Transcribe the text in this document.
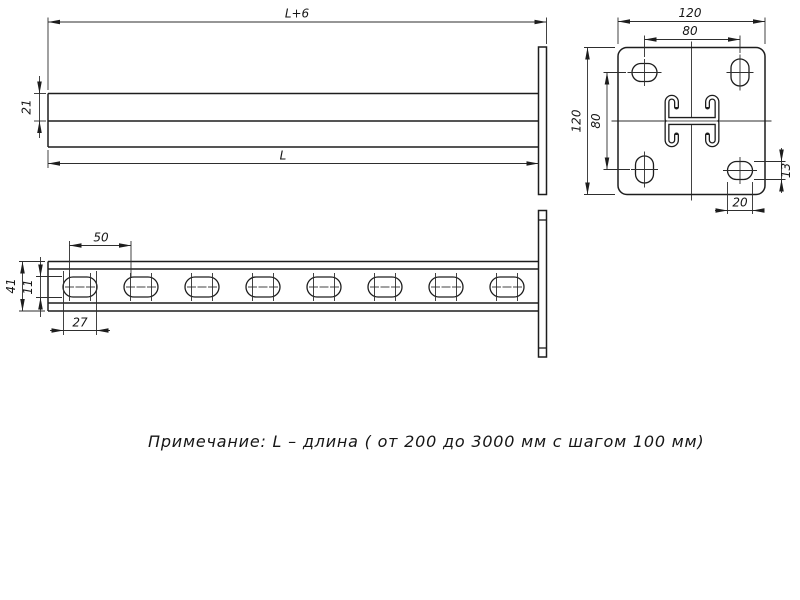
L+6
L
21
50
27
41 11
120
80
120 80
13
20
Примечание: L – длина ( от 200 до 3000 мм с шагом 100 мм)
